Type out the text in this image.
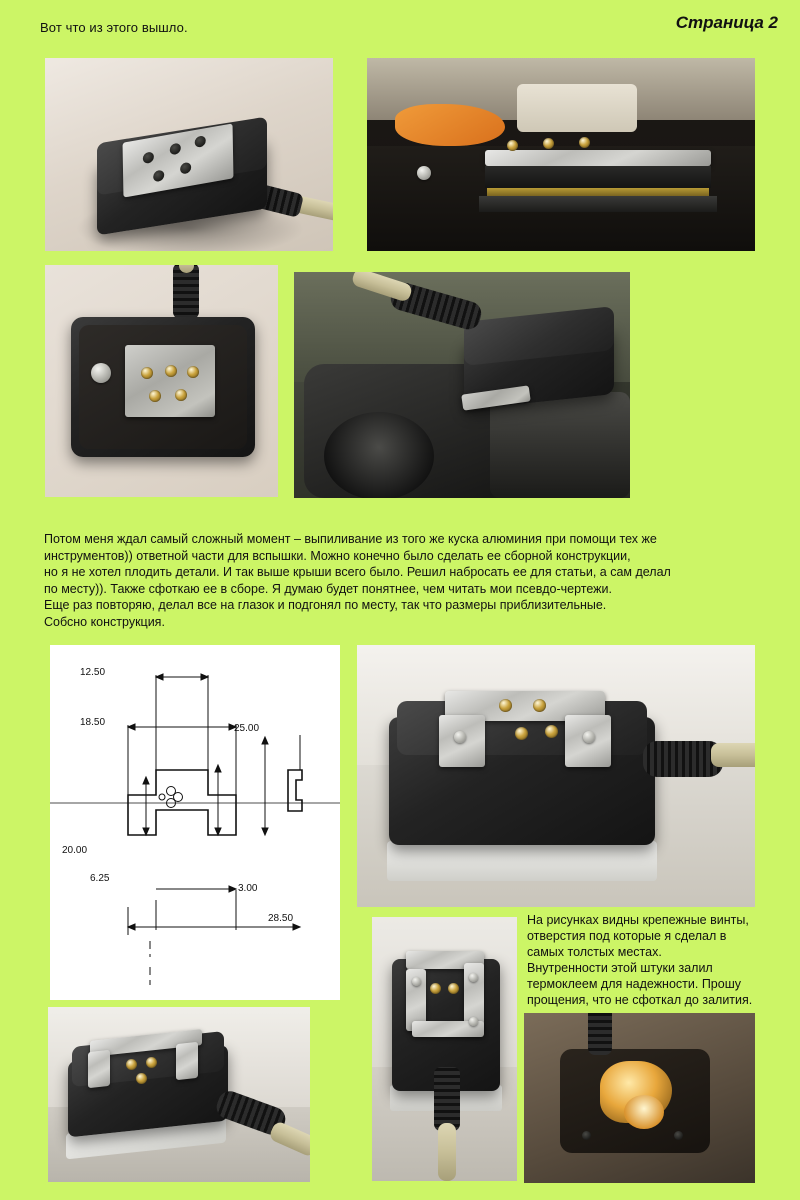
Вот что из этого вышло.	Страница 2

Потом меня ждал самый сложный момент – выпиливание из того же куска алюминия при помощи тех же

инструментов)) ответной части для вспышки. Можно конечно было сделать ее сборной конструкции,

но я не хотел плодить детали. И так выше крыши всего было. Решил набросать ее для статьи, а сам делал

по месту)). Также сфоткаю ее в сборе. Я думаю будет понятнее, чем читать мои псевдо-чертежи.

Еще раз повторяю, делал все на глазок и подгонял по месту, так что размеры приблизительные.

Собсно конструкция.

12.50
18.50
25.00
20.00
6.25
3.00
28.50	На рисунках видны крепежные винты,
отверстия под которые я сделал в
самых толстых местах.
Внутренности этой штуки залил
термоклеем для надежности. Прошу
прощения, что не сфоткал до залития.
